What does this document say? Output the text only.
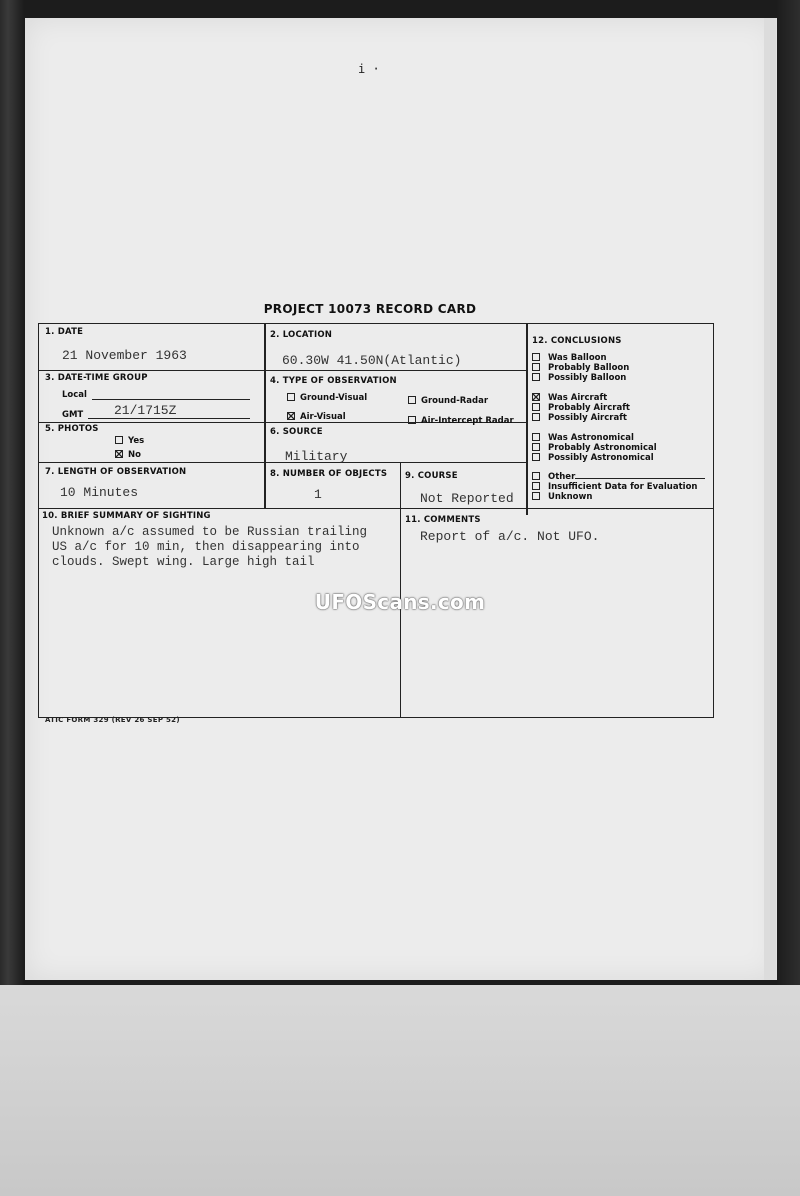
i ·
PROJECT 10073 RECORD CARD
1. DATE
21 November 1963
2. LOCATION
60.30W 41.50N(Atlantic)
3. DATE-TIME GROUP
Local
GMT 21/1715Z
4. TYPE OF OBSERVATION
Ground-Visual	Ground-Radar
Air-Visual	Air-Intercept Radar
5. PHOTOS
Yes
No
6. SOURCE
Military
7. LENGTH OF OBSERVATION
10 Minutes
8. NUMBER OF OBJECTS
1
9. COURSE
Not Reported
12. CONCLUSIONS
Was Balloon
Probably Balloon
Possibly Balloon
Was Aircraft
Probably Aircraft
Possibly Aircraft
Was Astronomical
Probably Astronomical
Possibly Astronomical
Other
Insufficient Data for Evaluation
Unknown
10. BRIEF SUMMARY OF SIGHTING
Unknown a/c assumed to be Russian trailing
US a/c for 10 min, then disappearing into
clouds. Swept wing. Large high tail
11. COMMENTS
Report of a/c. Not UFO.
UFOScans.com
ATIC FORM 329 (REV 26 SEP 52)
